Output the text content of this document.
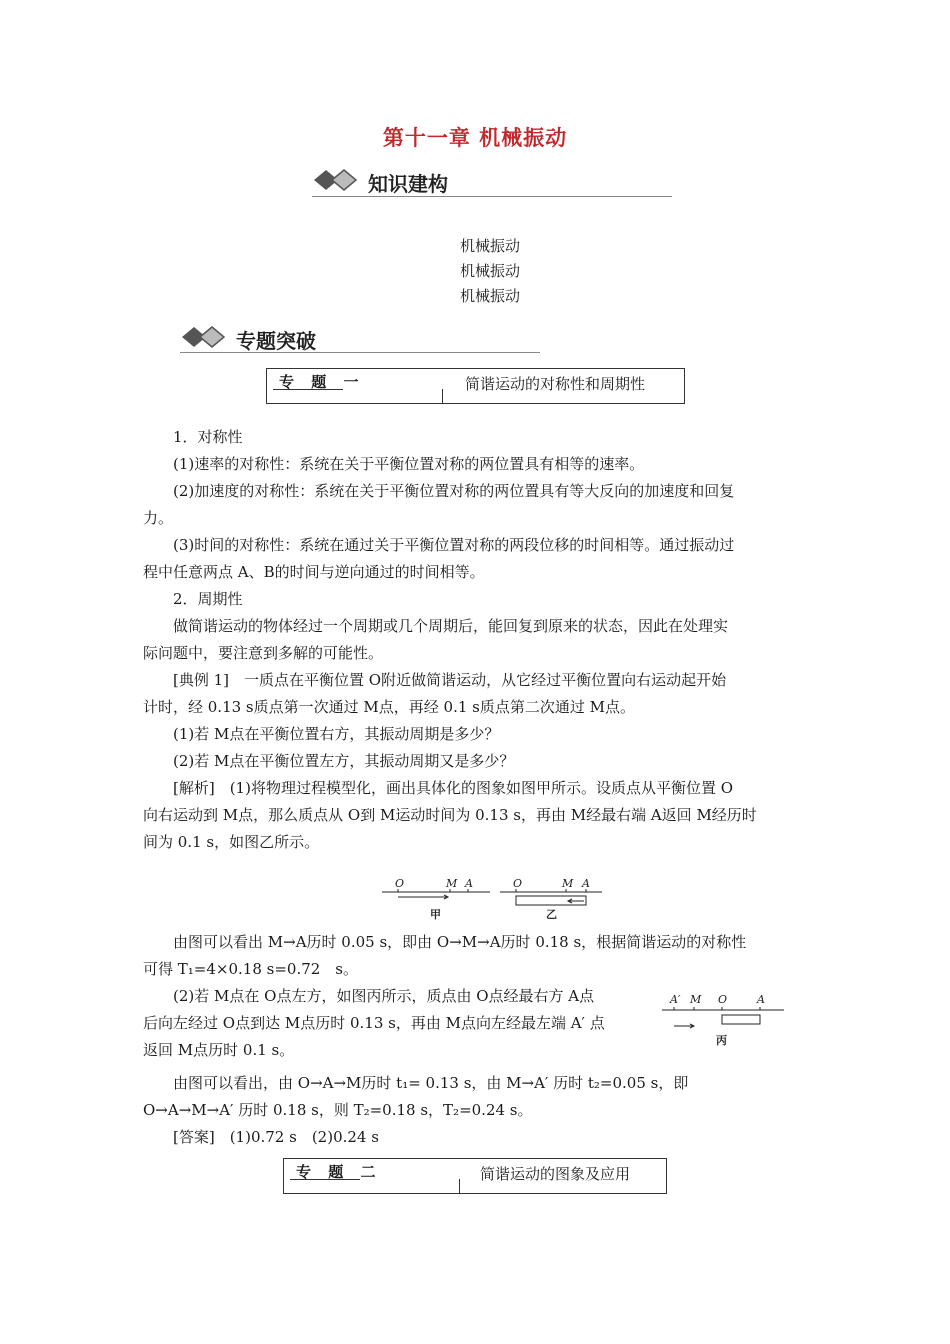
第十一章 机械振动
知识建构
机械振动
机械振动
机械振动
专题突破
专 题 一	简谐运动的对称性和周期性
1．对称性
(1)速率的对称性：系统在关于平衡位置对称的两位置具有相等的速率。
(2)加速度的对称性：系统在关于平衡位置对称的两位置具有等大反向的加速度和回复
力。
(3)时间的对称性：系统在通过关于平衡位置对称的两段位移的时间相等。通过振动过
程中任意两点 A、B的时间与逆向通过的时间相等。
2．周期性
做简谐运动的物体经过一个周期或几个周期后，能回复到原来的状态，因此在处理实
际问题中，要注意到多解的可能性。
[典例 1]　一质点在平衡位置 O附近做简谐运动，从它经过平衡位置向右运动起开始
计时，经 0.13 s质点第一次通过 M点，再经 0.1 s质点第二次通过 M点。
(1)若 M点在平衡位置右方，其振动周期是多少？
(2)若 M点在平衡位置左方，其振动周期又是多少？
[解析]　(1)将物理过程模型化，画出具体化的图象如图甲所示。设质点从平衡位置 O
向右运动到 M点，那么质点从 O到 M运动时间为 0.13 s，再由 M经最右端 A返回 M经历时
间为 0.1 s，如图乙所示。
O	M A	O	M A
甲	乙
由图可以看出 M→A历时 0.05 s，即由 O→M→A历时 0.18 s，根据简谐运动的对称性
可得 T₁=4×0.18 s=0.72　s。
(2)若 M点在 O点左方，如图丙所示，质点由 O点经最右方 A点
后向左经过 O点到达 M点历时 0.13 s，再由 M点向左经最左端 A′ 点
返回 M点历时 0.1 s。
A′ M O	A
丙
由图可以看出，由 O→A→M历时 t₁= 0.13 s，由 M→A′ 历时 t₂=0.05 s，即
O→A→M→A′ 历时 0.18 s，则 T₂=0.18 s，T₂=0.24 s。
[答案]　(1)0.72 s　(2)0.24 s
专 题 二	简谐运动的图象及应用
